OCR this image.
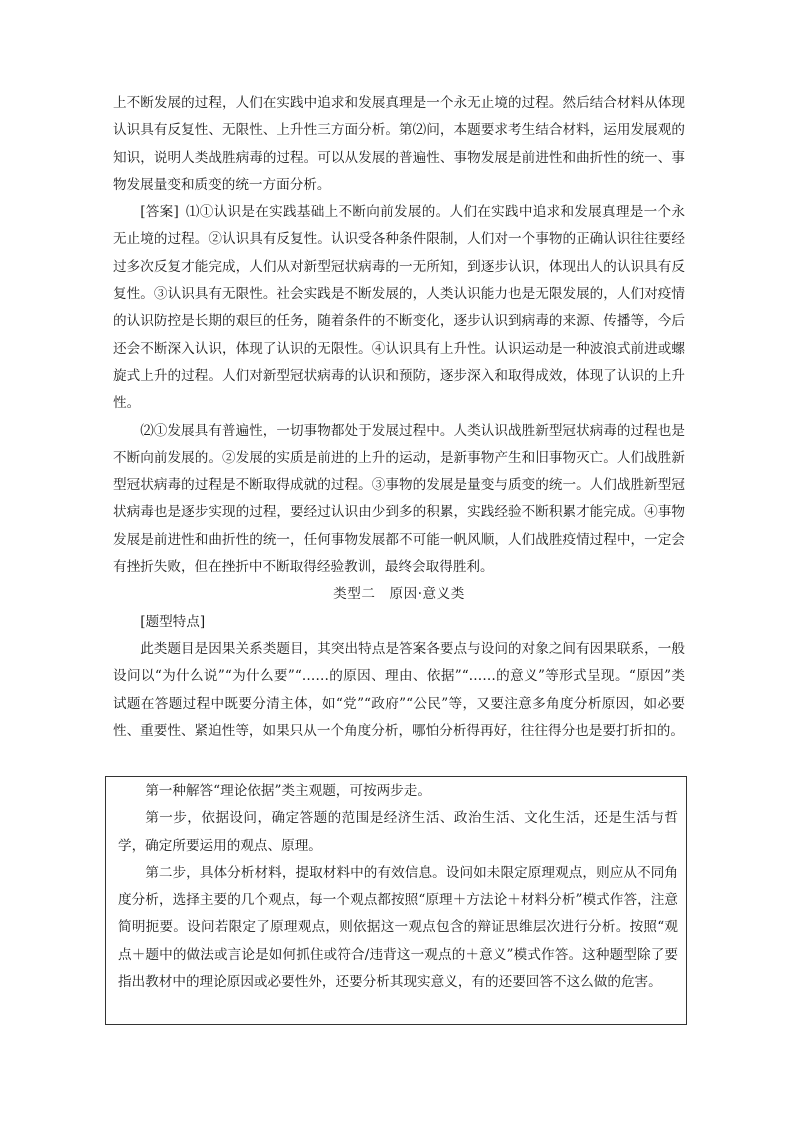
上不断发展的过程，人们在实践中追求和发展真理是一个永无止境的过程。然后结合材料从体现认识具有反复性、无限性、上升性三方面分析。第⑵问，本题要求考生结合材料，运用发展观的知识，说明人类战胜病毒的过程。可以从发展的普遍性、事物发展是前进性和曲折性的统一、事物发展量变和质变的统一方面分析。

[答案]  ⑴①认识是在实践基础上不断向前发展的。人们在实践中追求和发展真理是一个永无止境的过程。②认识具有反复性。认识受各种条件限制，人们对一个事物的正确认识往往要经过多次反复才能完成，人们从对新型冠状病毒的一无所知，到逐步认识，体现出人的认识具有反复性。③认识具有无限性。社会实践是不断发展的，人类认识能力也是无限发展的，人们对疫情的认识防控是长期的艰巨的任务，随着条件的不断变化，逐步认识到病毒的来源、传播等，今后还会不断深入认识，体现了认识的无限性。④认识具有上升性。认识运动是一种波浪式前进或螺旋式上升的过程。人们对新型冠状病毒的认识和预防，逐步深入和取得成效，体现了认识的上升性。

⑵①发展具有普遍性，一切事物都处于发展过程中。人类认识战胜新型冠状病毒的过程也是不断向前发展的。②发展的实质是前进的上升的运动，是新事物产生和旧事物灭亡。人们战胜新型冠状病毒的过程是不断取得成就的过程。③事物的发展是量变与质变的统一。人们战胜新型冠状病毒也是逐步实现的过程，要经过认识由少到多的积累，实践经验不断积累才能完成。④事物发展是前进性和曲折性的统一，任何事物发展都不可能一帆风顺，人们战胜疫情过程中，一定会有挫折失败，但在挫折中不断取得经验教训，最终会取得胜利。

类型二　原因·意义类

[题型特点]

此类题目是因果关系类题目，其突出特点是答案各要点与设问的对象之间有因果联系，一般设问以“为什么说”“为什么要”“……的原因、理由、依据”“……的意义”等形式呈现。“原因”类试题在答题过程中既要分清主体，如“党”“政府”“公民”等，又要注意多角度分析原因，如必要性、重要性、紧迫性等，如果只从一个角度分析，哪怕分析得再好，往往得分也是要打折扣的。

第一种解答“理论依据”类主观题，可按两步走。

第一步，依据设问，确定答题的范围是经济生活、政治生活、文化生活，还是生活与哲学，确定所要运用的观点、原理。

第二步，具体分析材料，提取材料中的有效信息。设问如未限定原理观点，则应从不同角度分析，选择主要的几个观点，每一个观点都按照“原理＋方法论＋材料分析”模式作答，注意简明扼要。设问若限定了原理观点，则依据这一观点包含的辩证思维层次进行分析。按照“观点＋题中的做法或言论是如何抓住或符合/违背这一观点的＋意义”模式作答。这种题型除了要指出教材中的理论原因或必要性外，还要分析其现实意义，有的还要回答不这么做的危害。
